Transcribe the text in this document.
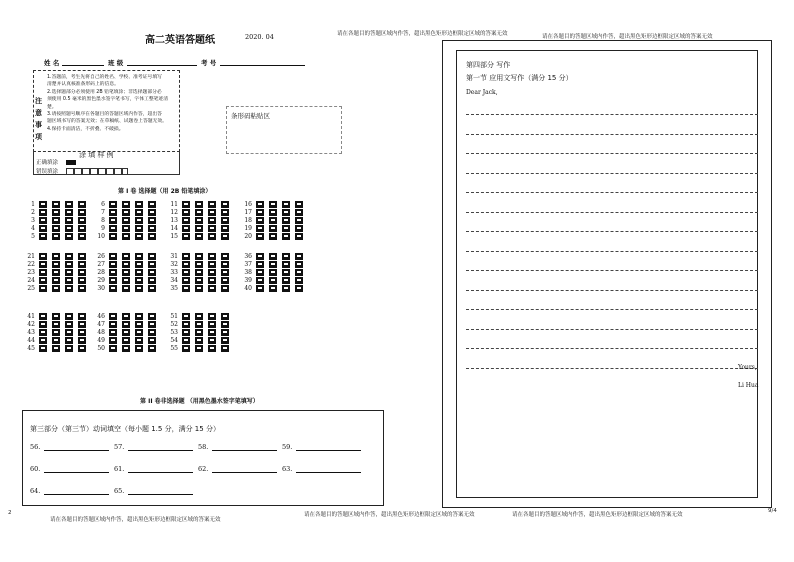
请在各题目的答题区域内作答，超出黑色矩形边框限定区域的答案无效	请在各题目的答题区域内作答，超出黑色矩形边框限定区域的答案无效
高二英语答题纸	2020. 04
姓 名	班 级	考 号
注意事项
1.答题前，考生先将自己的姓名、学校、准考证号填写
清楚并认真核准条形码上的信息。
2.选择题部分必须使用 2B 铅笔填涂；非选择题部分必
须使用 0.5 毫米的黑色墨水签字笔书写，字体工整笔迹清楚。
3.请按照题号顺序在各题目的答题区域内作答，超出答
题区域书写的答案无效；在草稿纸、试题卷上答题无效。
4.保持卡面清洁，不折叠、不破损。
条形码粘贴区
涂 填 样 例
正确填涂
错误填涂
第 I 卷 选择题（用 2B 铅笔填涂）
1
2
3
4
5
6
7
8
9
10
11
12
13
14
15
16
17
18
19
20
21
22
23
24
25
26
27
28
29
30
31
32
33
34
35
36
37
38
39
40
41
42
43
44
45
46
47
48
49
50
51
52
53
54
55
第 II 卷非选择题 （用黑色墨水签字笔填写）
第三部分（第三节）动词填空（每小题 1.5 分，满分 15 分）
56.	57.	58.	59.
60.	61.	62.	63.
64.	65.
第四部分 写作
第一节 应用文写作（满分 15 分）
Dear Jack,
Yours,
Li Hua
请在各题目的答题区域内作答，超出黑色矩形边框限定区域的答案无效
请在各题目的答题区域内作答，超出黑色矩形边框限定区域的答案无效	请在各题目的答题区域内作答，超出黑色矩形边框限定区域的答案无效
2	9/4
